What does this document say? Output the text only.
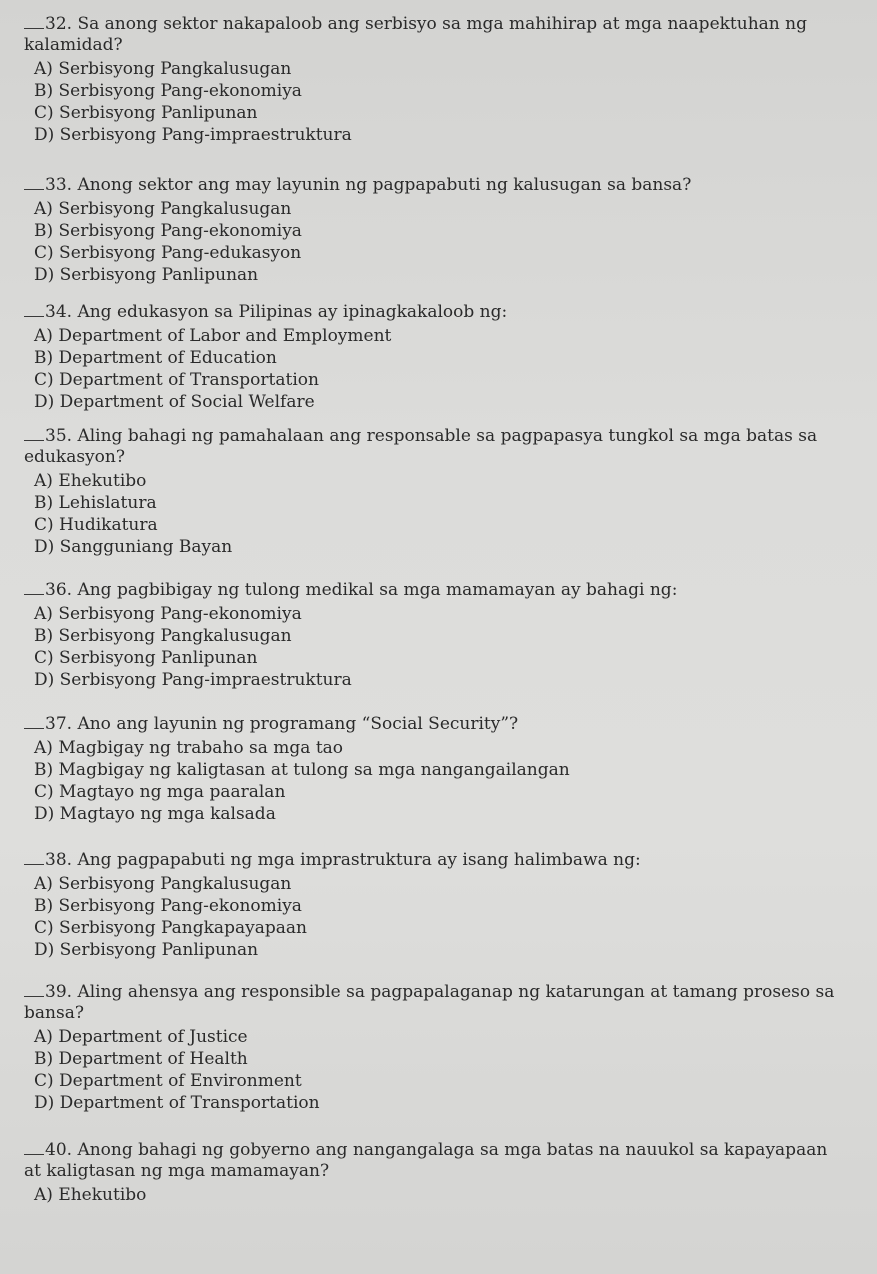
32. Sa anong sektor nakapaloob ang serbisyo sa mga mahihirap at mga naapektuhan ng kalamidad?

A) Serbisyong Pangkalusugan

B) Serbisyong Pang-ekonomiya

C) Serbisyong Panlipunan

D) Serbisyong Pang-impraestruktura

33. Anong sektor ang may layunin ng pagpapabuti ng kalusugan sa bansa?

A) Serbisyong Pangkalusugan

B) Serbisyong Pang-ekonomiya

C) Serbisyong Pang-edukasyon

D) Serbisyong Panlipunan

34. Ang edukasyon sa Pilipinas ay ipinagkakaloob ng:

A) Department of Labor and Employment

B) Department of Education

C) Department of Transportation

D) Department of Social Welfare

35. Aling bahagi ng pamahalaan ang responsable sa pagpapasya tungkol sa mga batas sa edukasyon?

A) Ehekutibo

B) Lehislatura

C) Hudikatura

D) Sangguniang Bayan

36. Ang pagbibigay ng tulong medikal sa mga mamamayan ay bahagi ng:

A) Serbisyong Pang-ekonomiya

B) Serbisyong Pangkalusugan

C) Serbisyong Panlipunan

D) Serbisyong Pang-impraestruktura

37. Ano ang layunin ng programang “Social Security”?

A) Magbigay ng trabaho sa mga tao

B) Magbigay ng kaligtasan at tulong sa mga nangangailangan

C) Magtayo ng mga paaralan

D) Magtayo ng mga kalsada

38. Ang pagpapabuti ng mga imprastruktura ay isang halimbawa ng:

A) Serbisyong Pangkalusugan

B) Serbisyong Pang-ekonomiya

C) Serbisyong Pangkapayapaan

D) Serbisyong Panlipunan

39. Aling ahensya ang responsible sa pagpapalaganap ng katarungan at tamang proseso sa bansa?

A) Department of Justice

B) Department of Health

C) Department of Environment

D) Department of Transportation

40. Anong bahagi ng gobyerno ang nangangalaga sa mga batas na nauukol sa kapayapaan at kaligtasan ng mga mamamayan?

A) Ehekutibo
